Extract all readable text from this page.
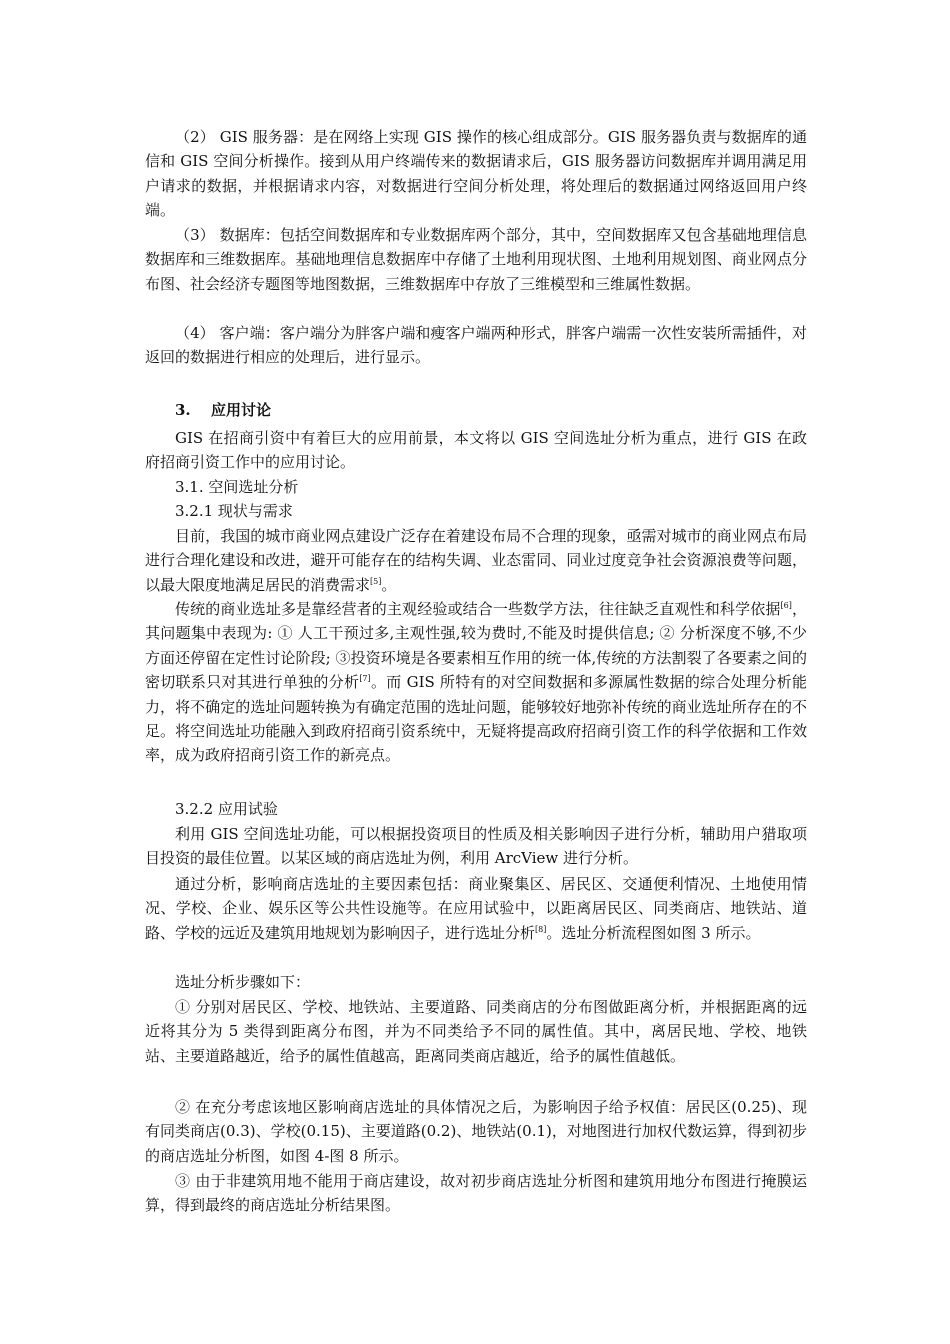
（2） GIS 服务器：是在网络上实现 GIS 操作的核心组成部分。GIS 服务器负责与数据库的通信和 GIS 空间分析操作。接到从用户终端传来的数据请求后，GIS 服务器访问数据库并调用满足用户请求的数据，并根据请求内容，对数据进行空间分析处理，将处理后的数据通过网络返回用户终端。

（3） 数据库：包括空间数据库和专业数据库两个部分，其中，空间数据库又包含基础地理信息数据库和三维数据库。基础地理信息数据库中存储了土地利用现状图、土地利用规划图、商业网点分布图、社会经济专题图等地图数据，三维数据库中存放了三维模型和三维属性数据。

（4） 客户端：客户端分为胖客户端和瘦客户端两种形式，胖客户端需一次性安装所需插件，对返回的数据进行相应的处理后，进行显示。

3. 应用讨论

GIS 在招商引资中有着巨大的应用前景，本文将以 GIS 空间选址分析为重点，进行 GIS 在政府招商引资工作中的应用讨论。

3.1. 空间选址分析

3.2.1 现状与需求

目前，我国的城市商业网点建设广泛存在着建设布局不合理的现象，亟需对城市的商业网点布局进行合理化建设和改进，避开可能存在的结构失调、业态雷同、同业过度竞争社会资源浪费等问题，以最大限度地满足居民的消费需求[5]。

传统的商业选址多是靠经营者的主观经验或结合一些数学方法，往往缺乏直观性和科学依据[6]，其问题集中表现为: ① 人工干预过多,主观性强,较为费时,不能及时提供信息; ② 分析深度不够,不少方面还停留在定性讨论阶段; ③投资环境是各要素相互作用的统一体,传统的方法割裂了各要素之间的密切联系只对其进行单独的分析[7]。而 GIS 所特有的对空间数据和多源属性数据的综合处理分析能力，将不确定的选址问题转换为有确定范围的选址问题，能够较好地弥补传统的商业选址所存在的不足。将空间选址功能融入到政府招商引资系统中，无疑将提高政府招商引资工作的科学依据和工作效率，成为政府招商引资工作的新亮点。

3.2.2 应用试验

利用 GIS 空间选址功能，可以根据投资项目的性质及相关影响因子进行分析，辅助用户猎取项目投资的最佳位置。以某区域的商店选址为例，利用 ArcView 进行分析。

通过分析，影响商店选址的主要因素包括：商业聚集区、居民区、交通便利情况、土地使用情况、学校、企业、娱乐区等公共性设施等。在应用试验中，以距离居民区、同类商店、地铁站、道路、学校的远近及建筑用地规划为影响因子，进行选址分析[8]。选址分析流程图如图 3 所示。

选址分析步骤如下：

① 分别对居民区、学校、地铁站、主要道路、同类商店的分布图做距离分析，并根据距离的远近将其分为 5 类得到距离分布图，并为不同类给予不同的属性值。其中，离居民地、学校、地铁站、主要道路越近，给予的属性值越高，距离同类商店越近，给予的属性值越低。

② 在充分考虑该地区影响商店选址的具体情况之后，为影响因子给予权值：居民区(0.25)、现有同类商店(0.3)、学校(0.15)、主要道路(0.2)、地铁站(0.1)，对地图进行加权代数运算，得到初步的商店选址分析图，如图 4-图 8 所示。

③ 由于非建筑用地不能用于商店建设，故对初步商店选址分析图和建筑用地分布图进行掩膜运算，得到最终的商店选址分析结果图。
